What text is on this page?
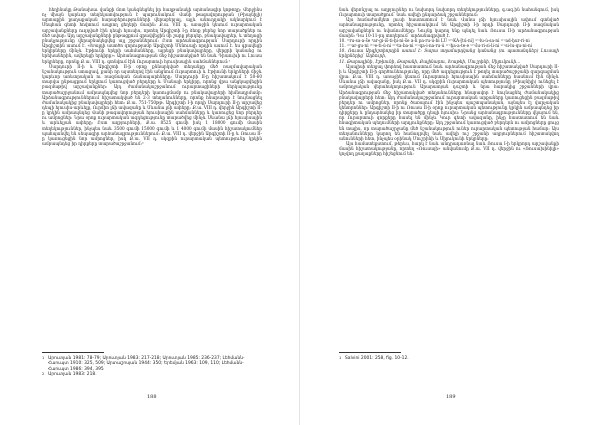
հեղինակը Թանախաւ վանքի մոտ կանգնեցնել իր հաղթանակի արձանագիր կոթողը: Վերջինս ոչ միայն կարևոր տեղեկատվություն է պարունակում Վանի թագավորության (Բիայնիլի) արտաքին քաղաքական հարաբերությունների վերաբերյալ, այլև անուղղակի ակնարկում է Սեպհան գետի հովտում ապրող ցեղերի մասին: Ք.ա. VIII դ. առաջին կեսում ուրարտական արշավանքները ուղղված էին դեպի հյուսիս, որտեղ Արգիշտի I-ը ձեռք բերեց նոր տարածքներ ու մեծ ավար: Այդ արշավանքների ընթացքում գրավվեցին մի շարք բերդեր, բնակավայրեր, և տեղացի բնակչությունը վերաբնակեցվեց այլ շրջաններում: Ըստ արձանագրության՝ Սարդուրի որդին Արգիշտին ասում է. «Խալդի աստծո զորությամբ Արգիշտի Մենուայի որդին ասում է. ես գրավեցի երկիրները մինչև Էթիունի երկրի սահմանները, այրեցի բնակավայրերը, վերցրի կանանց ու երեխաներին, ավերեցի երկիրը»: Արձանագրության մեջ հիշատակված են նաև Դիաուխի ու Լուսա երկրները, որոնք Ք.ա. VIII դ. գտնվում էին Ուրարտուի հյուսիսային սահմաններում:¹

Սարդուրի II-ի և Արգիշտի II-ի օրոք քննարկված տեղանքը մեծ ռազմավարական նշանակություն ստացավ, քանի որ այստեղով էին անցնում Ուրարտուի և Էթիունի երկրների միջև կարևոր առևտրական ու ռազմական ճանապարհները: Սարդուրի II-ը հիշատակում է 50-60 տարվա ընթացքում երկրում կառուցված բերդերը և Մանայի երկիրը, որոնց վրա անցկացվեցին բազմաթիվ արշավանքներ: Այդ ժամանակաշրջանում ուրարտացիների ներկայությունը տարածաշրջանում ամրապնդվեց նոր բերդերի կառուցմամբ ու բնակավայրերի հիմնադրմամբ: Արձանագրություններում հիշատակված են 2-3 տեղանունները, որոնք հնարավոր է նույնացնել ժամանակակից բնակավայրերի հետ: Ք.ա. 751-750թթ. Արգիշտի I-ի որդի Սարդուրի II-ը արշավեց դեպի հյուսիս-արևելք, Ուրմիո լճի ավազանը և Սևանա լճի ափերը: Ք.ա. VIII դ. վերջին Արգիշտի II-ը կրկին ամրապնդեց Վանի թագավորության հյուսիսային սահմանները և կառուցեց նոր բերդեր ու ամրոցներ: Նրա օրոք ուրարտական ազդեցությունը տարածվեց մինչև Սևանա լճի հյուսիսային և արևելյան ափերը: Ըստ աղբյուրների, Ք.ա. 8525 գումի իսկ 1 18000 գումի մասին տեղեկություններ, ինչպես նաև 3500 գումի 15000 գումի և 1 4000 գումի մասին հիշատակումներ պահպանվել են սեպագիր արձանագրություններում: Ք.ա. VIII դ. վերջին Արգիշտի II-ը և Ռուսա II-ը կառուցեցին նոր ամրոցներ, իսկ Ք.ա. VII դ. սկզբին ուրարտական պետությունը կրկին ամրապնդեց իր դիրքերը տարածաշրջանում:²

1 Արուտյան 1981: 78-79; Արուտյան 1983: 217-218; Արուտյան 1985: 236-237; Լեհմանն-Հաուպտ 1910: 325, 509; Արտաշոսյան 1944: 350; Երեմյան 1963: 109, 110; Լեհմանն-Հաուպտ 1986: 394, 395
2 Արուտյան 1983: 218.
188

նաև վերոնշյալ ու աղբյուրներ ու նախորդ նախորդ տեղեկությունները, գ.ազ.ին նահանգում, իսկ Ուրարտուի տարածքում՝ նաև ավելի ընդարձակ շրջաններում:

Այս համաժամկետ լուսի հաստատում է նաև Վանա լճի հյուսիսային ափում գտնված արձանագրությունը, որտեղ հիշատակվում են Արգիշտի I-ի որդի Սարդուրի II-ի ռազմական արշավանքներն ու նվաճումները: Նույնը կարող ենք պնդել նաև Ռուսա II-ի արձանագրության մասին: Դա 10-11-րդ տողերում՝ արձանագրված է.

10. ᵐru-sa-a-še ᵈar-gi-iš-ti-ḫi-ni-še a-li pa-ru-ú-bi LÚ ᵘʳᵘKÁ-[tú-ni] ᵘʳᵘlu-ú-sa-ni ᵘʳᵘad-ḫur-ri-ni

11. ᵘʳᵘar-gu-ni ᵘʳᵘe-ti-ú-ni ᵘʳᵘta-ba-ni ᵘʳᵘqa-i-na-ru-ú ᵘʳᵘḫa-a-te-e ᵘʳᵘšu-ri-si-li-ni ᵘʳᵘsi-lu-qu-ni-ni

10. Ռուսա Արգիշտիորդին ասում է: Տարա տղամարդկանց կանանց (ու պատանդներ) Լուսայի երկրներից՝ Ադհուրի,

11. Թարագինի, Էթիունի, Թաբանի, Քայինարու, Խաթեի, Մուշրինի, Սիլուկունի...

Այսպիսի տեղյալ փորձով հաստատում նաև արձանագրության մեջ հիշատակված Սարդուրի II-ի և Արգիշտի II-ի գործունեությունը, որը մեծ ազդեցություն է թողել տարածաշրջանի զարգացման վրա: Ք.ա. VIII դ. առաջին կեսում Ուրարտուի հյուսիսային սահմանները հասնում էին մինչև Սևանա լճի ավազանը, իսկ Ք.ա. VII դ. սկզբին Ուրարտական պետությունը (Բիայնիլի) ունեցել է ամբողջական վերահսկողություն Արարատյան դաշտի և նրա հարակից շրջանների վրա: Արձանագրության մեջ հիշատակված տեղանունները հնարավոր է նույնացնել ժամանակակից բնակավայրերի հետ: Այդ ժամանակաշրջանում ուրարտական արքաները կառուցեցին բազմաթիվ բերդեր ու ամրոցներ, որոնք ծառայում էին ինչպես պաշտպանական, այնպես էլ վարչական կենտրոններ: Արգիշտի II-ի ու Ռուսա II-ի օրոք ուրարտական պետությունը կրկին ամրապնդեց իր դիրքերը և ընդարձակեց իր տարածքը դեպի հյուսիս: Նրանց արձանագրությունները վկայում են, որ Ուրարտուի զորքերը հասել են մինչև Կուր գետի ավազանը, ինչը հաստատում են նաև հնագիտական պեղումների արդյունքները: Այդ շրջանում կառուցված բերդերն ու ամրոցները ցույց են տալիս, որ տարածաշրջանը մեծ նշանակություն ուներ ուրարտական պետության համար: Այս տեղանունները կարող են համադրվել նաև ավելի ուշ շրջանի աղբյուրներում հիշատակվող անունների հետ, ինչպես օրինակ Մուշրինի և Սիլուկունի երկրները:

Այս համատեքստում, թերևս, հարկ է նաև անդրադառնալ նաև Ռուսա I-ի երկրորդ արշավանքի մասին հիշատակությանը, որտեղ «Ռուսայի» անվանումը Ք.ա. VII դ. վերջին ու «Ռուսախինիլի» կոչվող քաղաքները հիշեցնում են:

1 Salvini 2001: 258, fig. 10-12.
189
